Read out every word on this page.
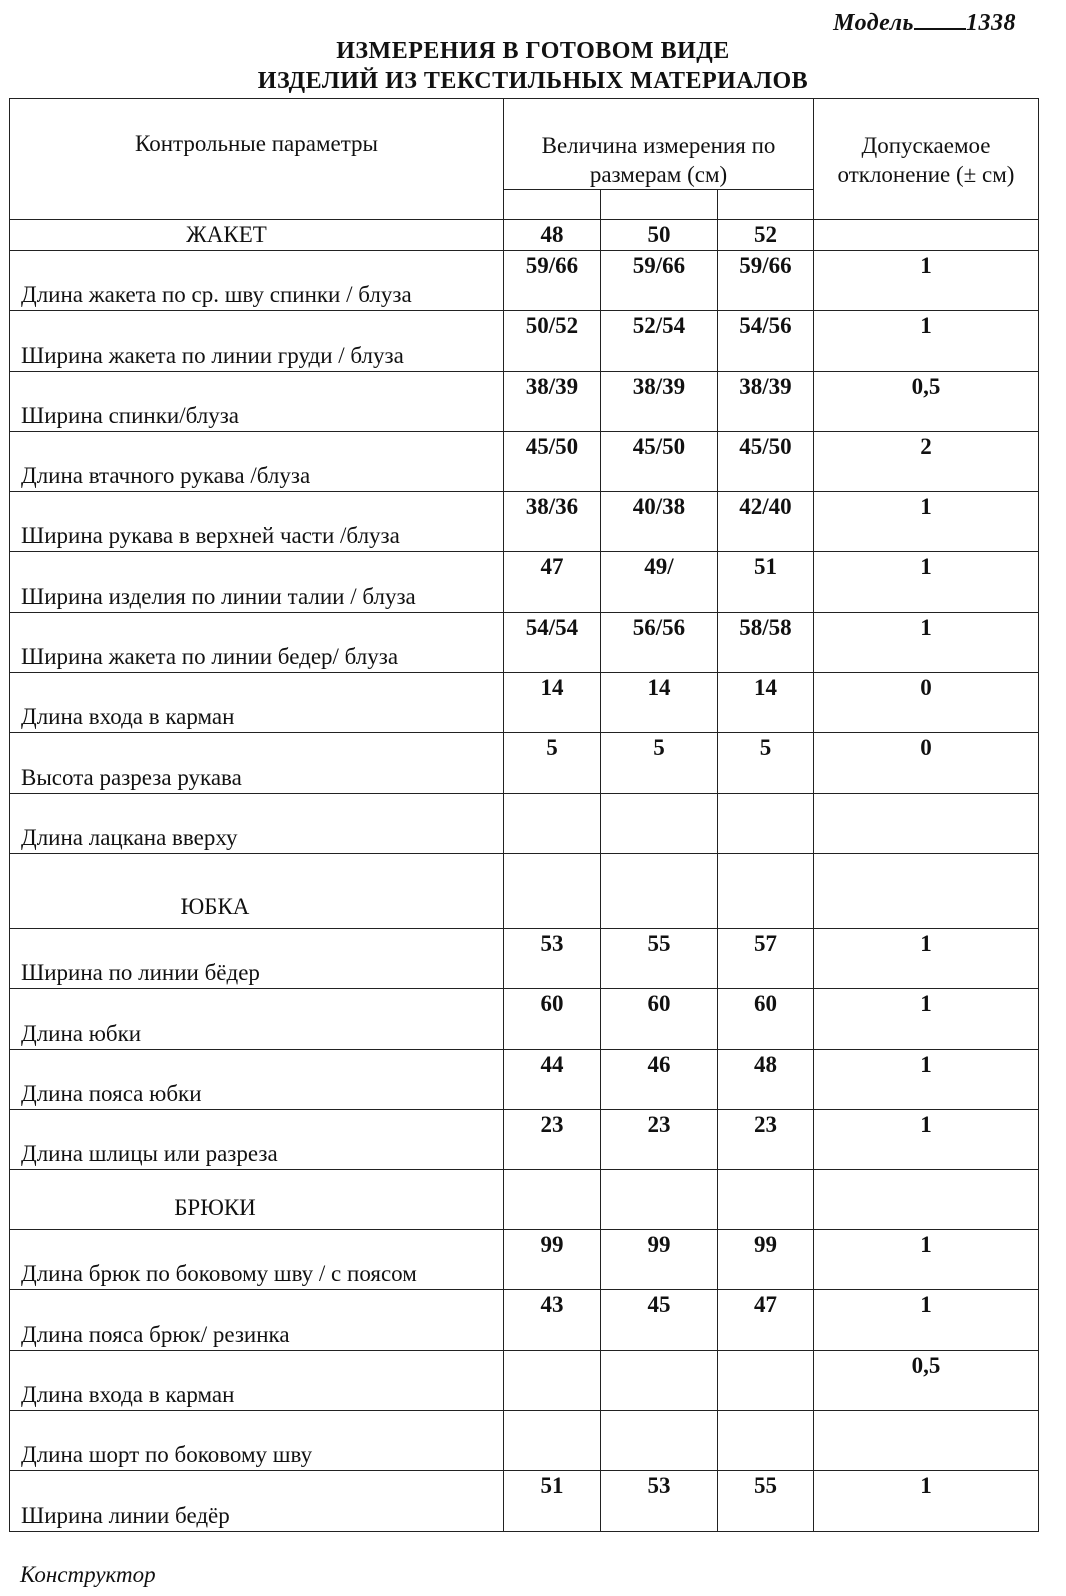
Модель 1338
ИЗМЕРЕНИЯ В ГОТОВОМ ВИДЕ
ИЗДЕЛИЙ ИЗ ТЕКСТИЛЬНЫХ МАТЕРИАЛОВ
Контрольные параметры	Величина измерения по размерам (см)			Допускаемое отклонение (± см)

ЖАКЕТ	48	50	52	
Длина жакета по ср. шву спинки / блуза	59/66	59/66	59/66	1
Ширина жакета по линии груди / блуза	50/52	52/54	54/56	1
Ширина спинки/блуза	38/39	38/39	38/39	0,5
Длина втачного рукава /блуза	45/50	45/50	45/50	2
Ширина рукава в верхней части /блуза	38/36	40/38	42/40	1
Ширина изделия по линии талии / блуза	47	49/	51	1
Ширина жакета по линии бедер/ блуза	54/54	56/56	58/58	1
Длина входа в карман	14	14	14	0
Высота разреза рукава	5	5	5	0
Длина лацкана вверху				

ЮБКА				

Ширина по линии бёдер	53	55	57	1
Длина юбки	60	60	60	1
Длина пояса юбки	44	46	48	1
Длина шлицы или разреза	23	23	23	1

БРЮКИ				

Длина брюк по боковому шву / с поясом	99	99	99	1
Длина пояса брюк/ резинка	43	45	47	1
Длина входа в карман				0,5
Длина шорт по боковому шву				
Ширина линии бедёр	51	53	55	1
Конструктор
